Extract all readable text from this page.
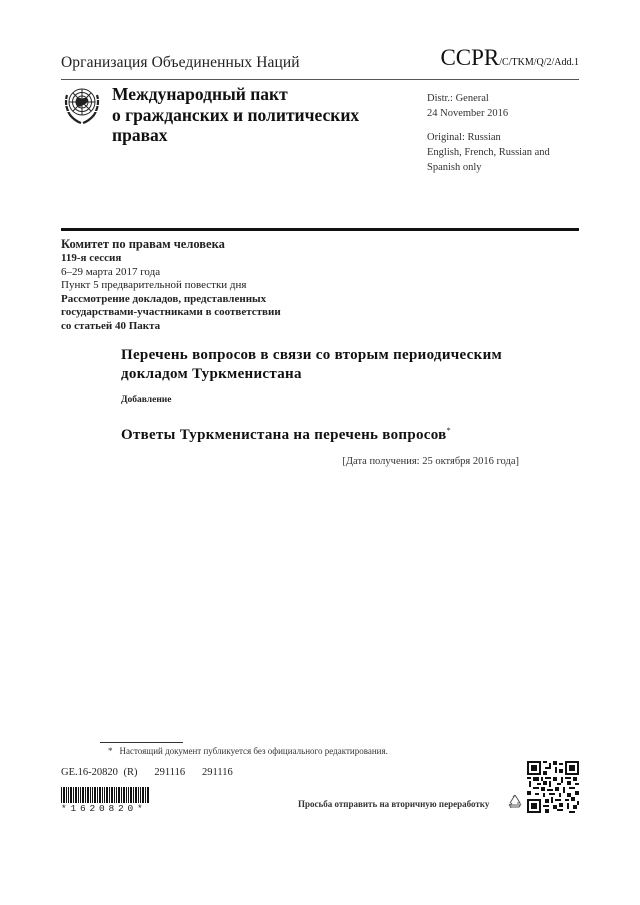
Организация Объединенных Наций	CCPR/C/TKM/Q/2/Add.1
Международный пакт
о гражданских и политических
правах
Distr.: General
24 November 2016
Original: Russian
English, French, Russian and
Spanish only
Комитет по правам человека
119-я сессия
6–29 марта 2017 года
Пункт 5 предварительной повестки дня
Рассмотрение докладов, представленных
государствами-участниками в соответствии
со статьей 40 Пакта
Перечень вопросов в связи со вторым периодическим
докладом Туркменистана
Добавление
Ответы Туркменистана на перечень вопросов*
[Дата получения: 25 октября 2016 года]
* Настоящий документ публикуется без официального редактирования.
GE.16-20820 (R) 291116 291116
*1620820*	Просьба отправить на вторичную переработку
